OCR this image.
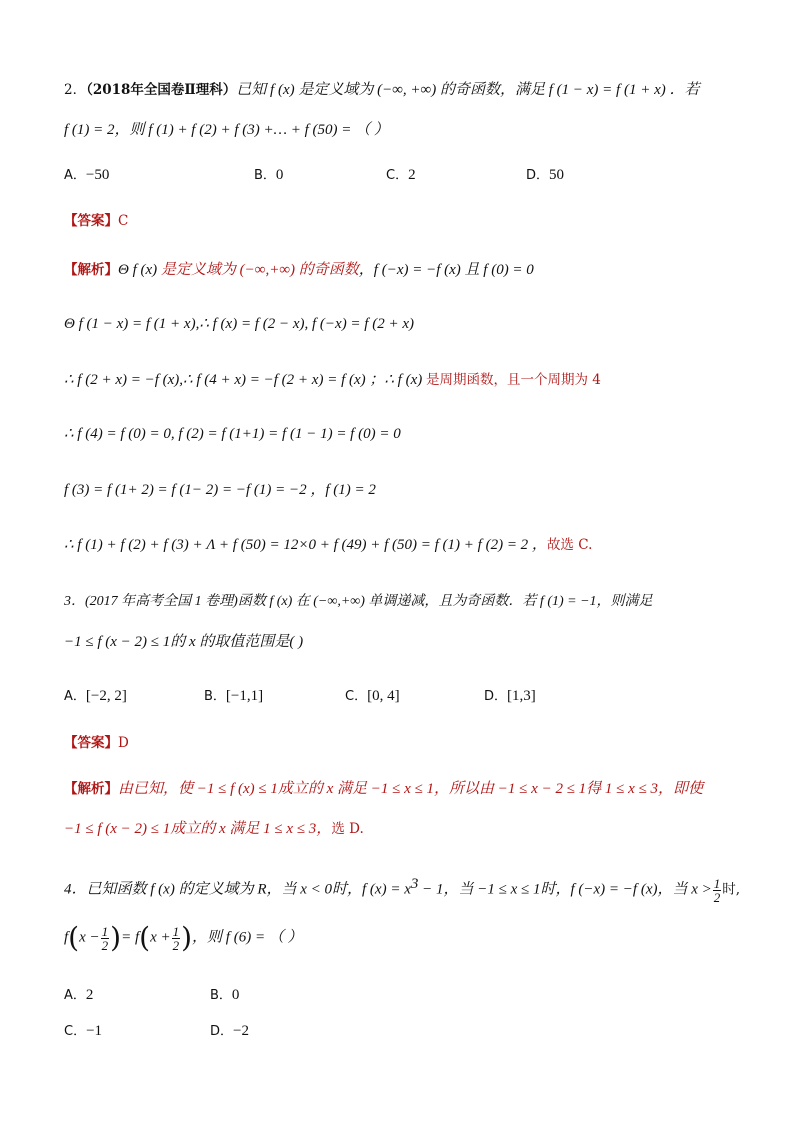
2．（2018年全国卷Ⅱ理科）已知 f (x) 是定义域为 (−∞, +∞) 的奇函数，满足 f (1 − x) = f (1 + x) ．若
f (1) = 2，则 f (1) + f (2) + f (3) +… + f (50) = （ ）
A．−50	B．0	C．2	D．50
【答案】C
【解析】Θ f (x) 是定义域为 (−∞,+∞) 的奇函数，f (−x) = −f (x) 且 f (0) = 0
Θ f (1 − x) = f (1 + x),∴ f (x) = f (2 − x), f (−x) = f (2 + x)
∴ f (2 + x) = −f (x),∴ f (4 + x) = −f (2 + x) = f (x) ；∴ f (x) 是周期函数，且一个周期为 4
∴ f (4) = f (0) = 0, f (2) = f (1+1) = f (1 − 1) = f (0) = 0
f (3) = f (1+ 2) = f (1− 2) = −f (1) = −2 ，f (1) = 2
∴ f (1) + f (2) + f (3) + Λ + f (50) = 12×0 + f (49) + f (50) = f (1) + f (2) = 2 ，故选 C.
3．(2017 年高考全国 1 卷理)函数 f (x) 在 (−∞,+∞) 单调递减，且为奇函数．若 f (1) = −1，则满足
−1 ≤ f (x − 2) ≤ 1的 x 的取值范围是( )
A．[−2, 2]	B．[−1,1]	C．[0, 4]	D．[1,3]
【答案】D
【解析】由已知，使 −1 ≤ f (x) ≤ 1成立的 x 满足 −1 ≤ x ≤ 1，所以由 −1 ≤ x − 2 ≤ 1得 1 ≤ x ≤ 3，即使
−1 ≤ f (x − 2) ≤ 1成立的 x 满足 1 ≤ x ≤ 3，选 D.
4．已知函数 f (x) 的定义域为 R，当 x < 0时，f $(x) = x^3 - 1$，当 −1 ≤ x ≤ 1时，f (−x) = −f (x)，当 $x > \frac{1}{2}$ 时,
$f(x - \frac{1}{2}$ )= $f(x + \frac{1}{2}$ )，则 f (6) = （ ）
A．2	B．0
C．−1	D．−2
